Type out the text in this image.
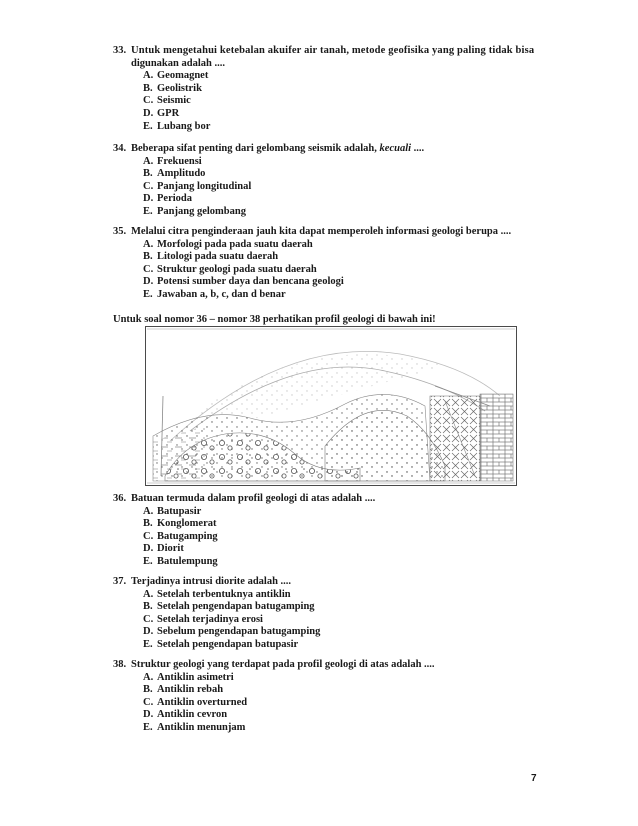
33. Untuk mengetahui ketebalan akuifer air tanah, metode geofisika yang paling tidak bisa
digunakan adalah ....
A. Geomagnet
B. Geolistrik
C. Seismic
D. GPR
E. Lubang bor
34. Beberapa sifat penting dari gelombang seismik adalah, kecuali ....
A. Frekuensi
B. Amplitudo
C. Panjang longitudinal
D. Perioda
E. Panjang gelombang
35. Melalui citra penginderaan jauh kita dapat memperoleh informasi geologi berupa ....
A. Morfologi pada pada suatu daerah
B. Litologi pada suatu daerah
C. Struktur geologi pada suatu daerah
D. Potensi sumber daya dan bencana geologi
E. Jawaban a, b, c, dan d benar
Untuk soal nomor 36 – nomor 38 perhatikan profil geologi di bawah ini!
36. Batuan termuda dalam profil geologi di atas adalah ....
A. Batupasir
B. Konglomerat
C. Batugamping
D. Diorit
E. Batulempung
37. Terjadinya intrusi diorite adalah ....
A. Setelah terbentuknya antiklin
B. Setelah pengendapan batugamping
C. Setelah terjadinya erosi
D. Sebelum pengendapan batugamping
E. Setelah pengendapan batupasir
38. Struktur geologi yang terdapat pada profil geologi di atas adalah ....
A. Antiklin asimetri
B. Antiklin rebah
C. Antiklin overturned
D. Antiklin cevron
E. Antiklin menunjam
7
